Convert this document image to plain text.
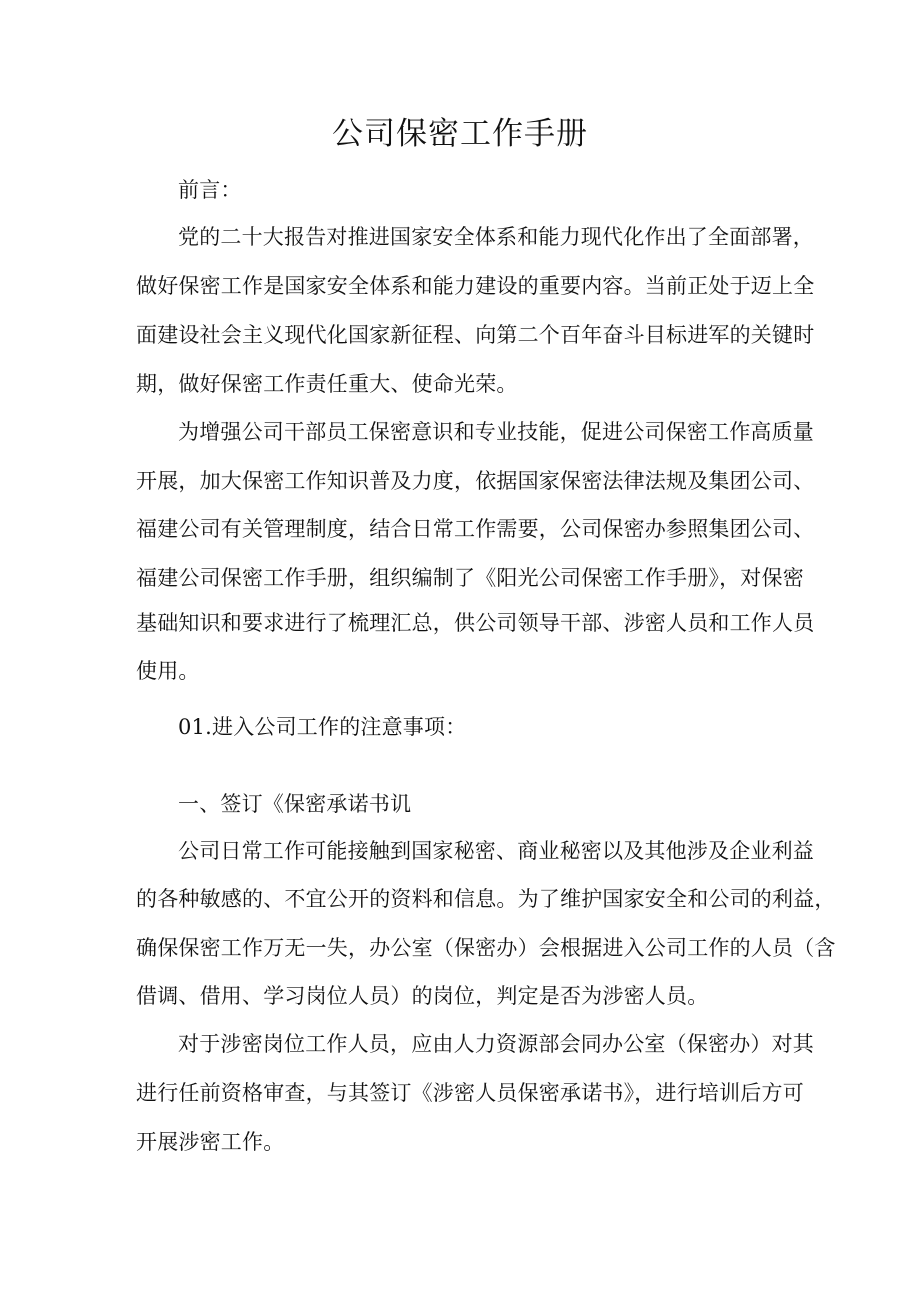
公司保密工作手册
前言：
党的二十大报告对推进国家安全体系和能力现代化作出了全面部署，
做好保密工作是国家安全体系和能力建设的重要内容。当前正处于迈上全
面建设社会主义现代化国家新征程、向第二个百年奋斗目标进军的关键时
期，做好保密工作责任重大、使命光荣。
为增强公司干部员工保密意识和专业技能，促进公司保密工作高质量
开展，加大保密工作知识普及力度，依据国家保密法律法规及集团公司、
福建公司有关管理制度，结合日常工作需要，公司保密办参照集团公司、
福建公司保密工作手册，组织编制了《阳光公司保密工作手册》，对保密
基础知识和要求进行了梳理汇总，供公司领导干部、涉密人员和工作人员
使用。
01.进入公司工作的注意事项：
一、签订《保密承诺书讥
公司日常工作可能接触到国家秘密、商业秘密以及其他涉及企业利益
的各种敏感的、不宜公开的资料和信息。为了维护国家安全和公司的利益，
确保保密工作万无一失，办公室（保密办）会根据进入公司工作的人员（含
借调、借用、学习岗位人员）的岗位，判定是否为涉密人员。
对于涉密岗位工作人员，应由人力资源部会同办公室（保密办）对其
进行任前资格审查，与其签订《涉密人员保密承诺书》，进行培训后方可
开展涉密工作。
